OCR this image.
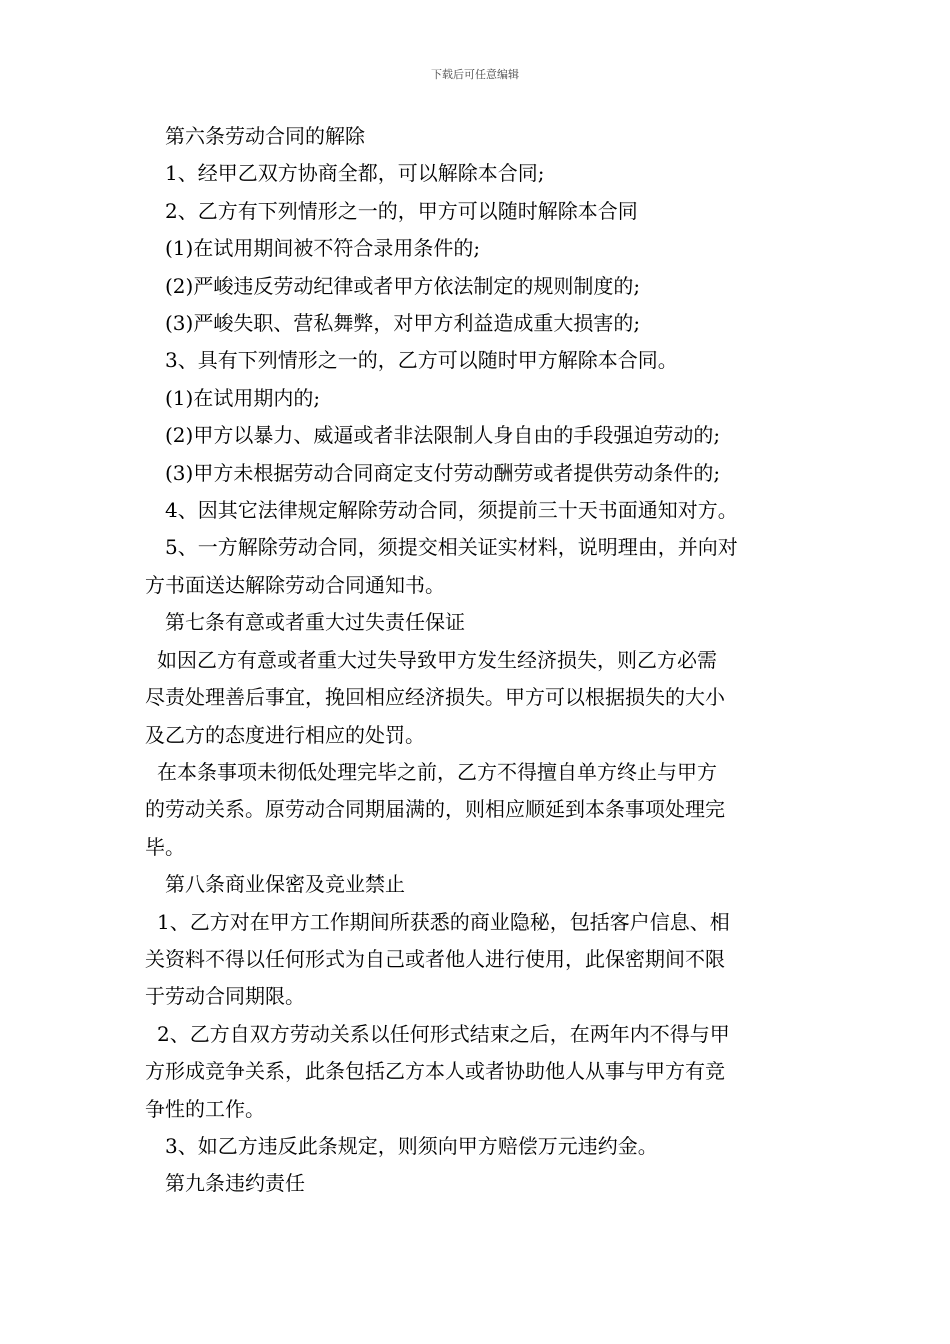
下载后可任意编辑

第六条劳动合同的解除

1、经甲乙双方协商全都，可以解除本合同;

2、乙方有下列情形之一的，甲方可以随时解除本合同

(1)在试用期间被不符合录用条件的;

(2)严峻违反劳动纪律或者甲方依法制定的规则制度的;

(3)严峻失职、营私舞弊，对甲方利益造成重大损害的;

3、具有下列情形之一的，乙方可以随时甲方解除本合同。

(1)在试用期内的;

(2)甲方以暴力、威逼或者非法限制人身自由的手段强迫劳动的;

(3)甲方未根据劳动合同商定支付劳动酬劳或者提供劳动条件的;

4、因其它法律规定解除劳动合同，须提前三十天书面通知对方。

5、一方解除劳动合同，须提交相关证实材料，说明理由，并向对
方书面送达解除劳动合同通知书。

第七条有意或者重大过失责任保证

如因乙方有意或者重大过失导致甲方发生经济损失，则乙方必需
尽责处理善后事宜，挽回相应经济损失。甲方可以根据损失的大小
及乙方的态度进行相应的处罚。
在本条事项未彻低处理完毕之前，乙方不得擅自单方终止与甲方
的劳动关系。原劳动合同期届满的，则相应顺延到本条事项处理完
毕。

第八条商业保密及竞业禁止

1、乙方对在甲方工作期间所获悉的商业隐秘，包括客户信息、相
关资料不得以任何形式为自己或者他人进行使用，此保密期间不限
于劳动合同期限。
2、乙方自双方劳动关系以任何形式结束之后，在两年内不得与甲
方形成竞争关系，此条包括乙方本人或者协助他人从事与甲方有竞
争性的工作。

3、如乙方违反此条规定，则须向甲方赔偿万元违约金。

第九条违约责任
